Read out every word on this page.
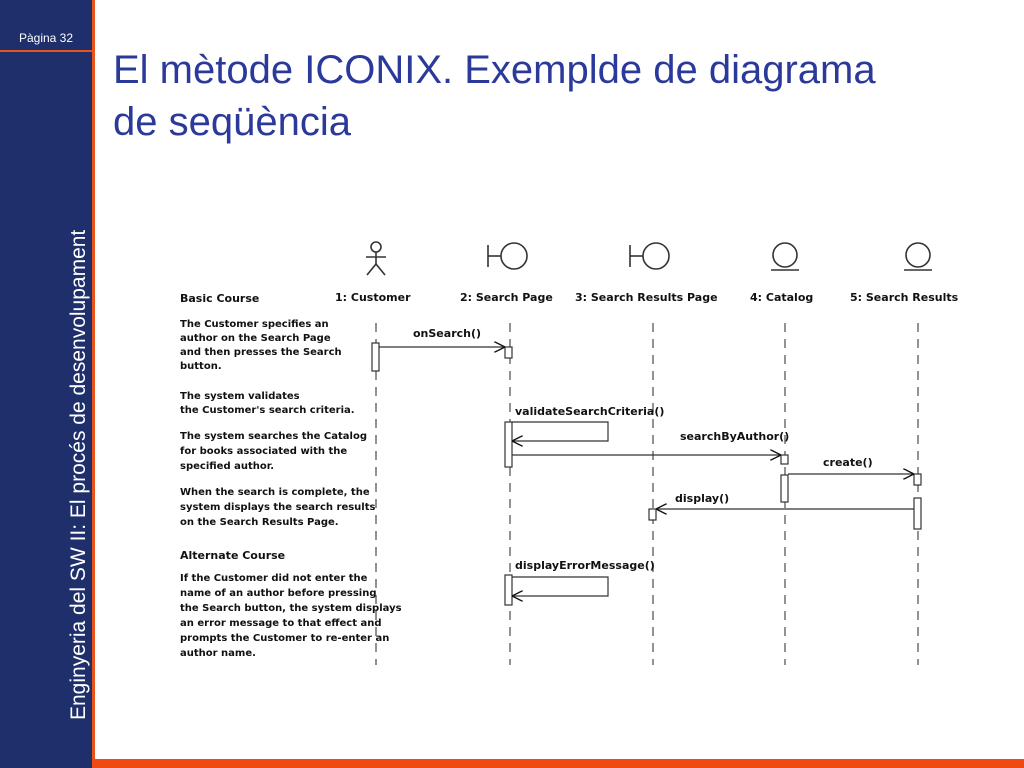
Pàgina 32
Enginyeria del SW II: El procés de desenvolupament
El mètode ICONIX. Exemplde de diagrama
de seqüència
Basic Course	1: Customer	2: Search Page 3: Search Results Page	4: Catalog	5: Search Results
The Customer specifies an
author on the Search Page
and then presses the Search
button.
The system validates
the Customer's search criteria.
The system searches the Catalog
for books associated with the
specified author.
When the search is complete, the
system displays the search results
on the Search Results Page.
Alternate Course
If the Customer did not enter the
name of an author before pressing
the Search button, the system displays
an error message to that effect and
prompts the Customer to re-enter an
author name.
onSearch()
validateSearchCriteria()
searchByAuthor()
create()
display()
displayErrorMessage()
